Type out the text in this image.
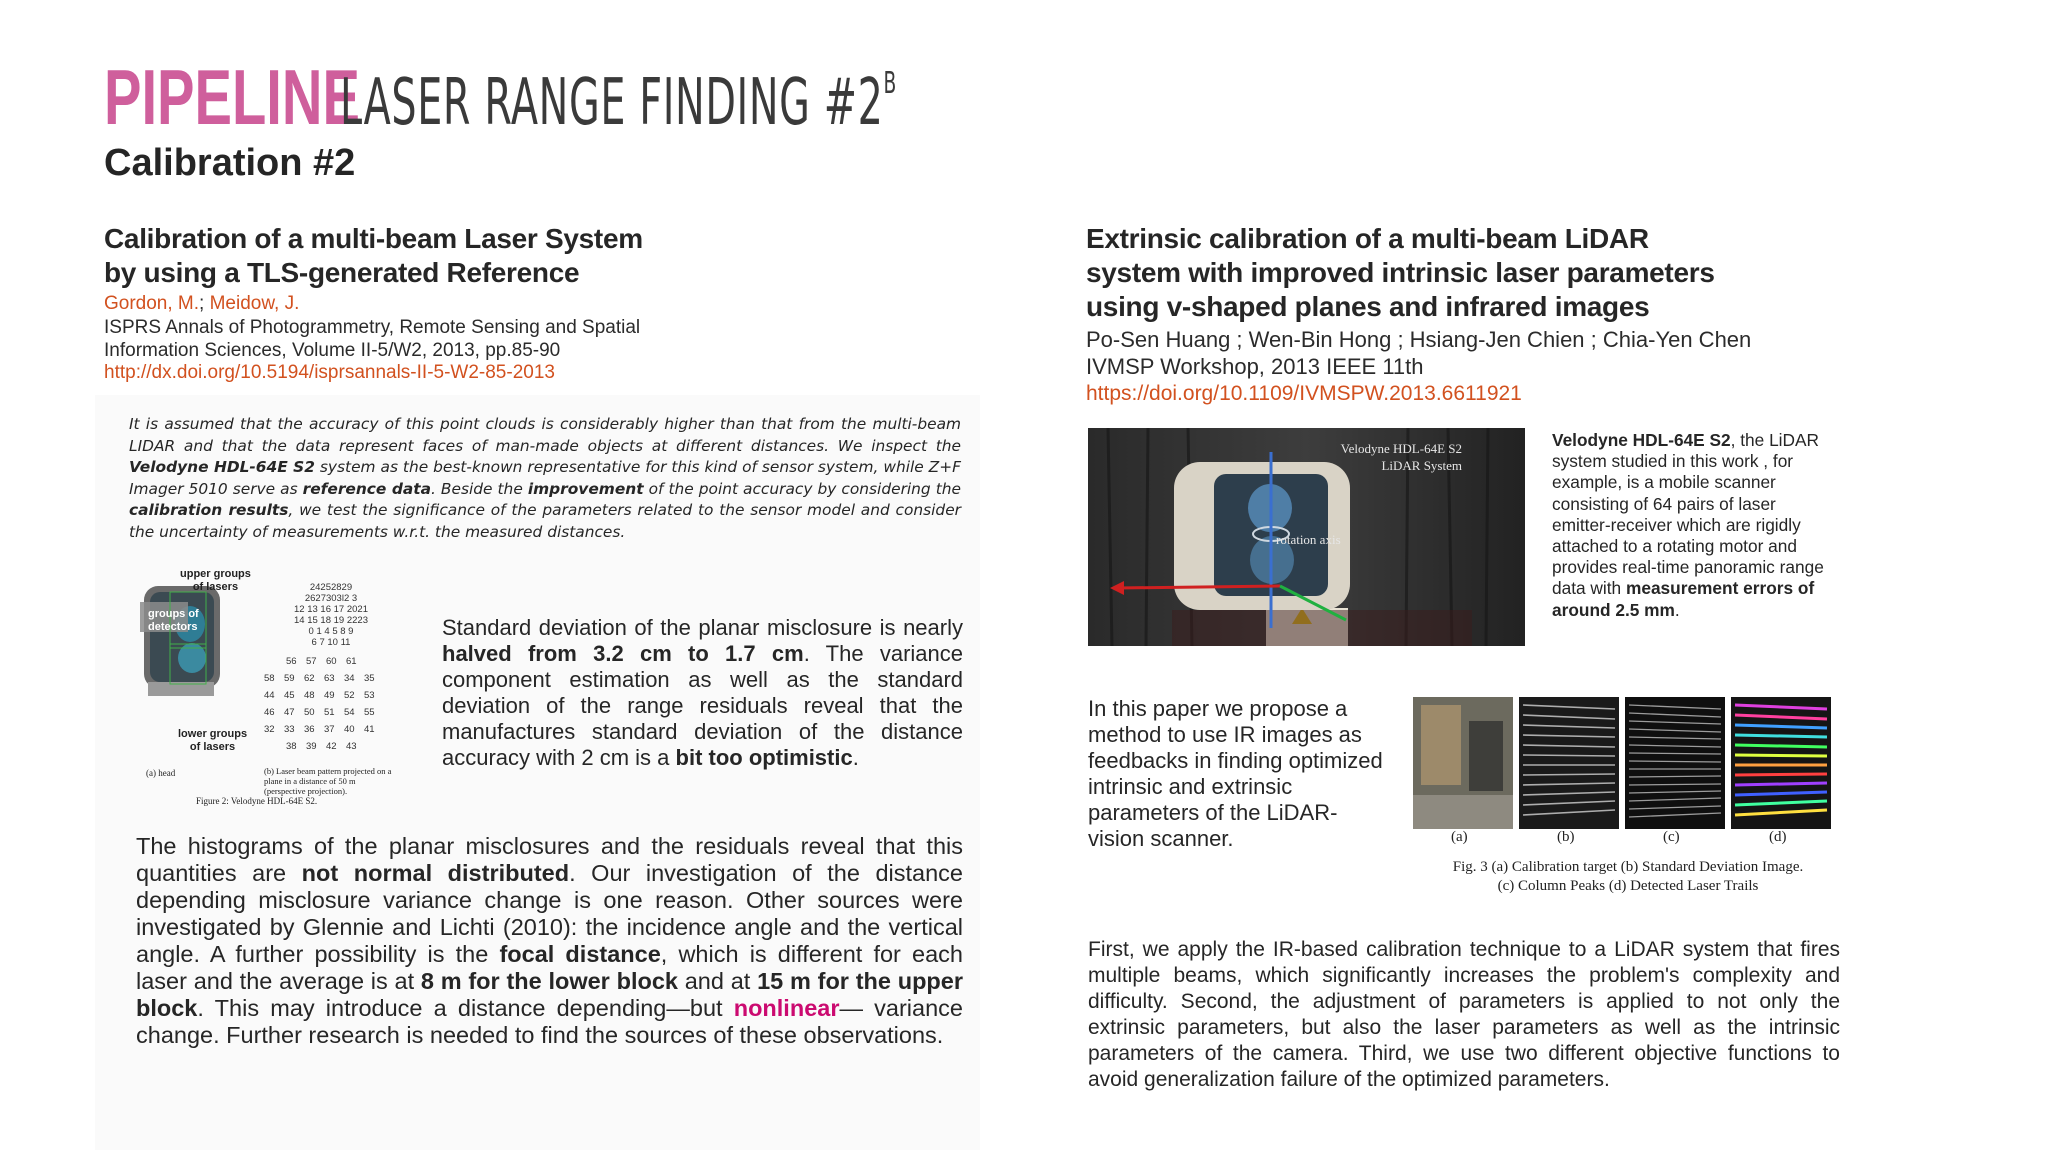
PIPELINE
LASER RANGE FINDING $\#2^B$
Calibration #2
Calibration of a multi-beam Laser System
by using a TLS-generated Reference
Gordon, M.; Meidow, J.
ISPRS Annals of Photogrammetry, Remote Sensing and Spatial
Information Sciences, Volume II-5/W2, 2013, pp.85-90
http://dx.doi.org/10.5194/isprsannals-II-5-W2-85-2013
It is assumed that the accuracy of this point clouds is considerably higher than that from the multi-beam LIDAR and that the data represent faces of man-made objects at different distances. We inspect the Velodyne HDL-64E S2 system as the best-known representative for this kind of sensor system, while Z+F Imager 5010 serve as reference data. Beside the improvement of the point accuracy by considering the calibration results, we test the significance of the parameters related to the sensor model and consider the uncertainty of measurements w.r.t. the measured distances.
upper groups
of lasers
groups of
detectors
lower groups
of lasers
24252829
2627303l2 3
12 13 16 17 2021
14 15 18 19 2223
0 1 4 5 8 9
6 7 10 11
56 57 60 61
58 59 62 63 34 35
44 45 48 49 52 53
46 47 50 51 54 55
32 33 36 37 40 41
38 39 42 43
(a) head	(b) Laser beam pattern projected on a plane in a distance of 50 m (perspective projection).
Figure 2: Velodyne HDL-64E S2.
Standard deviation of the planar misclosure is nearly halved from 3.2 cm to 1.7 cm. The variance component estimation as well as the standard deviation of the range residuals reveal that the manufactures standard deviation of the distance accuracy with 2 cm is a bit too optimistic.
The histograms of the planar misclosures and the residuals reveal that this quantities are not normal distributed. Our investigation of the distance depending misclosure variance change is one reason. Other sources were investigated by Glennie and Lichti (2010): the incidence angle and the vertical angle. A further possibility is the focal distance, which is different for each laser and the average is at 8 m for the lower block and at 15 m for the upper block. This may introduce a distance depending—but nonlinear— variance change. Further research is needed to find the sources of these observations.
Extrinsic calibration of a multi-beam LiDAR
system with improved intrinsic laser parameters
using v-shaped planes and infrared images
Po-Sen Huang ; Wen-Bin Hong ; Hsiang-Jen Chien ; Chia-Yen Chen
IVMSP Workshop, 2013 IEEE 11th
https://doi.org/10.1109/IVMSPW.2013.6611921
Velodyne HDL-64E S2
LiDAR System
rotation axis
Velodyne HDL-64E S2, the LiDAR system studied in this work , for example, is a mobile scanner consisting of 64 pairs of laser emitter-receiver which are rigidly attached to a rotating motor and provides real-time panoramic range data with measurement errors of around 2.5 mm.
In this paper we propose a method to use IR images as feedbacks in finding optimized intrinsic and extrinsic parameters of the LiDAR-vision scanner.	(a)	(b)	(c)	(d)
Fig. 3 (a) Calibration target (b) Standard Deviation Image.
(c) Column Peaks (d) Detected Laser Trails
First, we apply the IR-based calibration technique to a LiDAR system that fires multiple beams, which significantly increases the problem's complexity and difficulty. Second, the adjustment of parameters is applied to not only the extrinsic parameters, but also the laser parameters as well as the intrinsic parameters of the camera. Third, we use two different objective functions to avoid generalization failure of the optimized parameters.
